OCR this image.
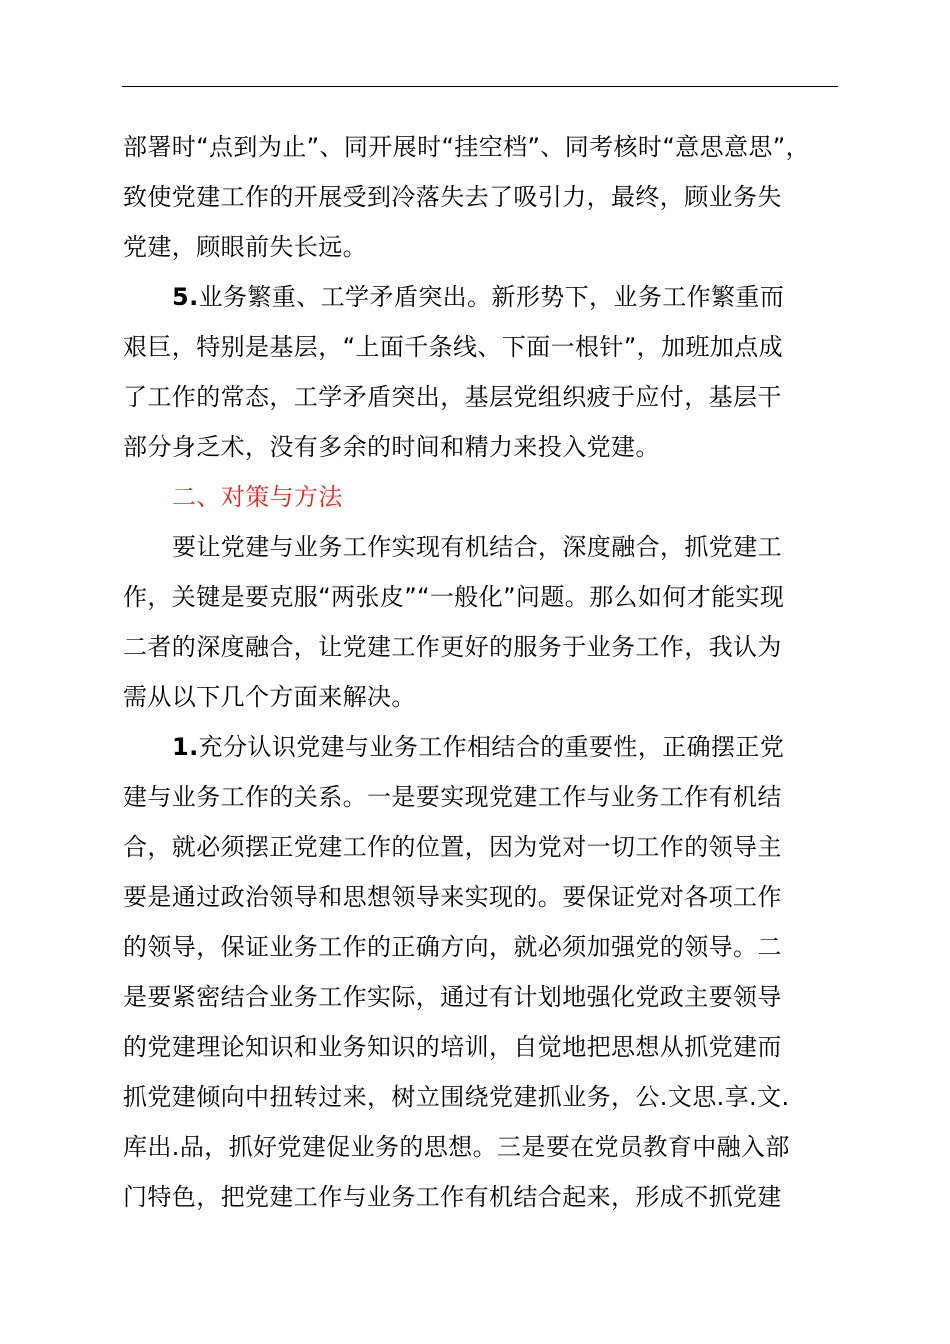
部署时“点到为止”、同开展时“挂空档”、同考核时“意思意思”，
致使党建工作的开展受到冷落失去了吸引力，最终，顾业务失
党建，顾眼前失长远。
5.业务繁重、工学矛盾突出。新形势下，业务工作繁重而
艰巨，特别是基层，“上面千条线、下面一根针”，加班加点成
了工作的常态，工学矛盾突出，基层党组织疲于应付，基层干
部分身乏术，没有多余的时间和精力来投入党建。
二、对策与方法
要让党建与业务工作实现有机结合，深度融合，抓党建工
作，关键是要克服“两张皮”“一般化”问题。那么如何才能实现
二者的深度融合，让党建工作更好的服务于业务工作，我认为
需从以下几个方面来解决。
1.充分认识党建与业务工作相结合的重要性，正确摆正党
建与业务工作的关系。一是要实现党建工作与业务工作有机结
合，就必须摆正党建工作的位置，因为党对一切工作的领导主
要是通过政治领导和思想领导来实现的。要保证党对各项工作
的领导，保证业务工作的正确方向，就必须加强党的领导。二
是要紧密结合业务工作实际，通过有计划地强化党政主要领导
的党建理论知识和业务知识的培训，自觉地把思想从抓党建而
抓党建倾向中扭转过来，树立围绕党建抓业务，公.文思.享.文.
库出.品，抓好党建促业务的思想。三是要在党员教育中融入部
门特色，把党建工作与业务工作有机结合起来，形成不抓党建
